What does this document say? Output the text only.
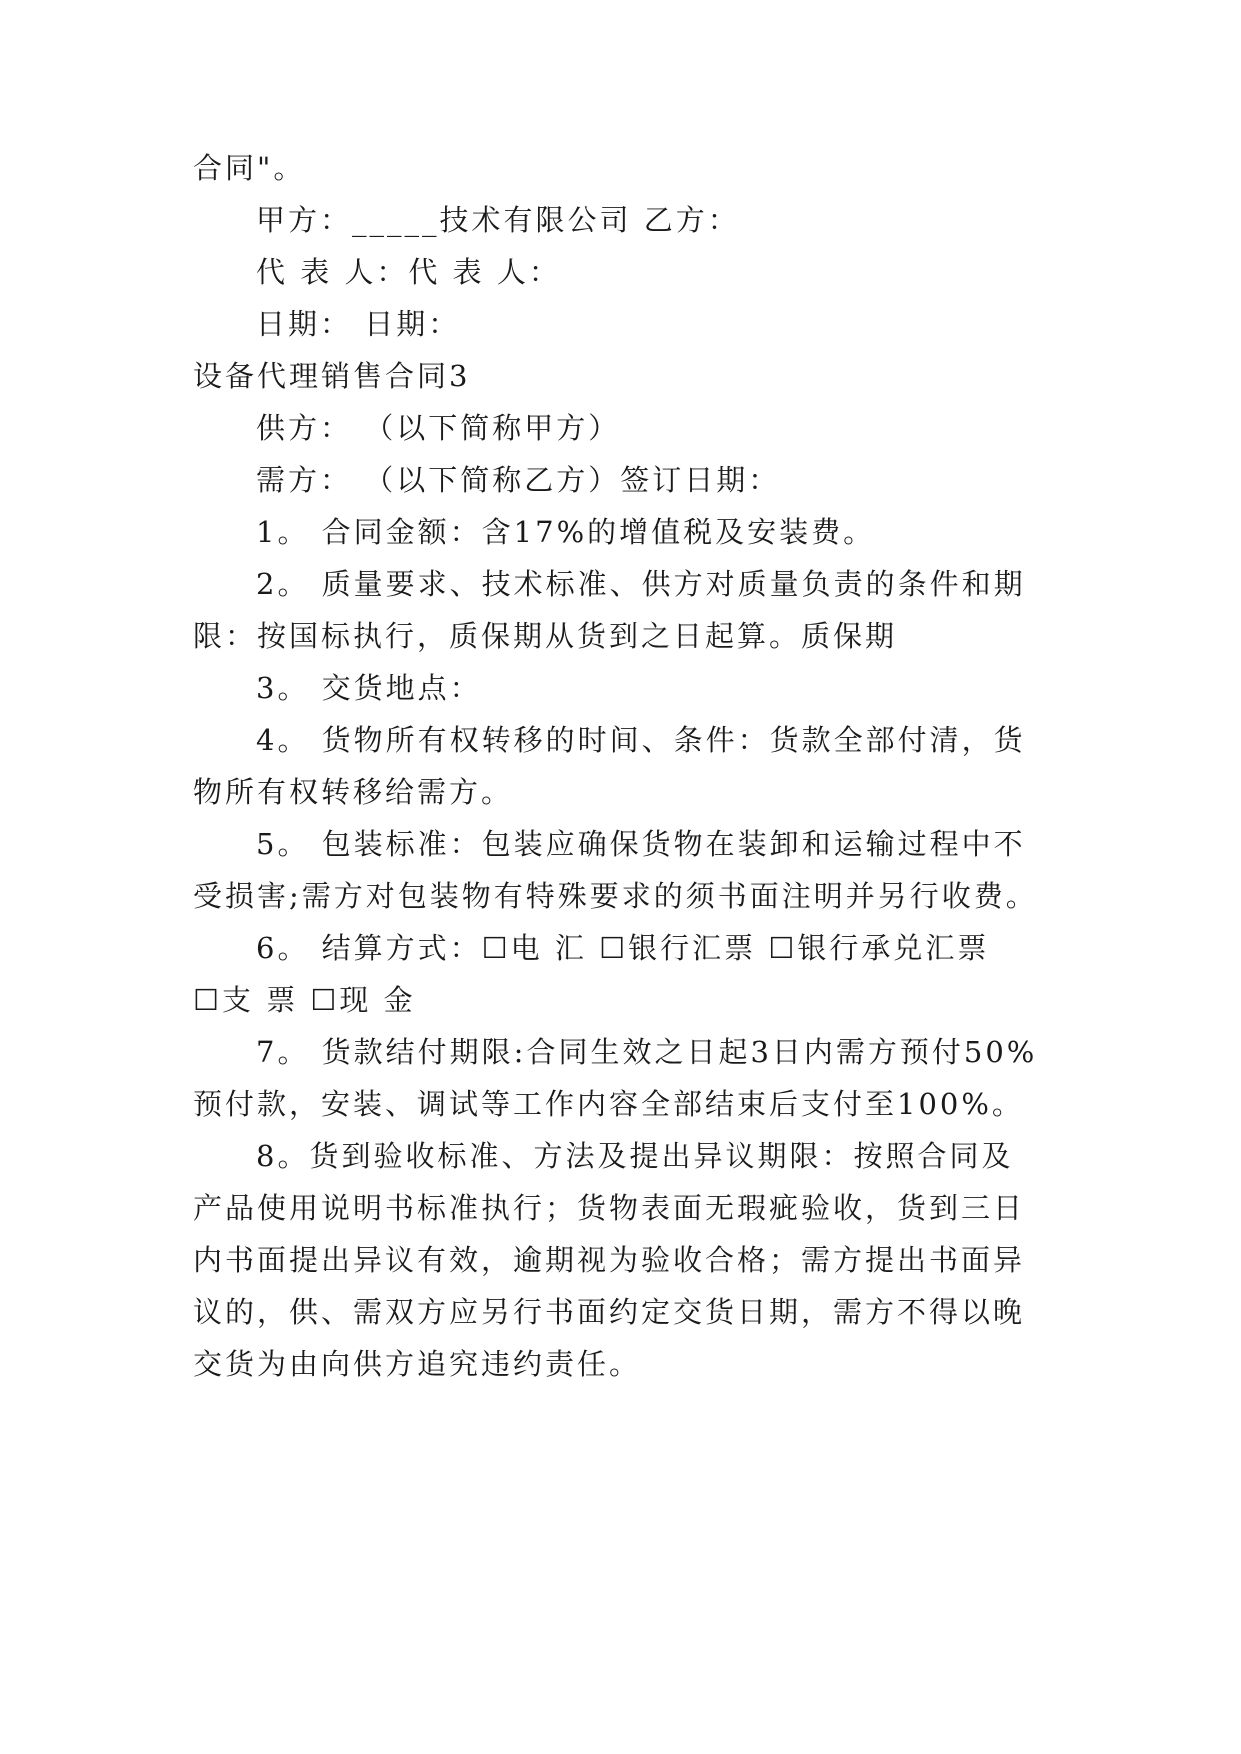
合同"。
甲方：_____技术有限公司 乙方：
代 表 人：代 表 人：
日期： 日期：
设备代理销售合同3
供方： （以下简称甲方）
需方： （以下简称乙方）签订日期：
1。 合同金额：含17%的增值税及安装费。
2。 质量要求、技术标准、供方对质量负责的条件和期
限：按国标执行，质保期从货到之日起算。质保期
3。 交货地点：
4。 货物所有权转移的时间、条件：货款全部付清，货
物所有权转移给需方。
5。 包装标准：包装应确保货物在装卸和运输过程中不
受损害;需方对包装物有特殊要求的须书面注明并另行收费。
6。 结算方式：☐电 汇 ☐银行汇票 ☐银行承兑汇票
☐支 票 ☐现 金
7。 货款结付期限:合同生效之日起3日内需方预付50%
预付款，安装、调试等工作内容全部结束后支付至100%。
8。货到验收标准、方法及提出异议期限：按照合同及
产品使用说明书标准执行；货物表面无瑕疵验收，货到三日
内书面提出异议有效，逾期视为验收合格；需方提出书面异
议的，供、需双方应另行书面约定交货日期，需方不得以晚
交货为由向供方追究违约责任。
